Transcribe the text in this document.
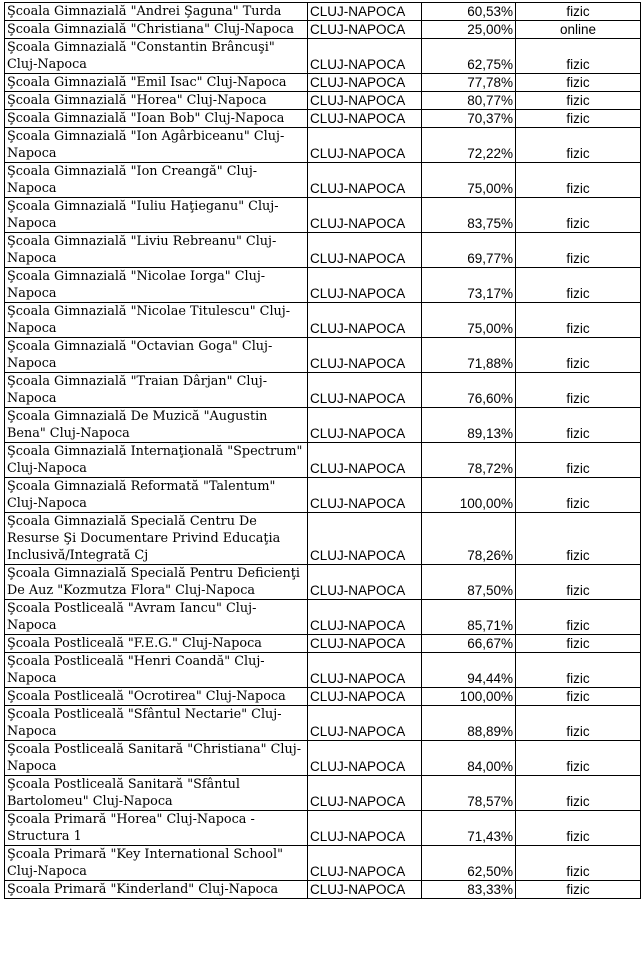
Şcoala Gimnazială "Andrei Şaguna" Turda	CLUJ-NAPOCA	60,53%	fizic
Şcoala Gimnazială "Christiana" Cluj-Napoca	CLUJ-NAPOCA	25,00%	online
Şcoala Gimnazială "Constantin Brâncuşi" Cluj-Napoca	CLUJ-NAPOCA	62,75%	fizic
Şcoala Gimnazială "Emil Isac" Cluj-Napoca	CLUJ-NAPOCA	77,78%	fizic
Şcoala Gimnazială "Horea" Cluj-Napoca	CLUJ-NAPOCA	80,77%	fizic
Şcoala Gimnazială "Ioan Bob" Cluj-Napoca	CLUJ-NAPOCA	70,37%	fizic
Şcoala Gimnazială "Ion Agârbiceanu" Cluj-Napoca	CLUJ-NAPOCA	72,22%	fizic
Şcoala Gimnazială "Ion Creangă" Cluj-Napoca	CLUJ-NAPOCA	75,00%	fizic
Şcoala Gimnazială "Iuliu Haţieganu" Cluj-Napoca	CLUJ-NAPOCA	83,75%	fizic
Şcoala Gimnazială "Liviu Rebreanu" Cluj-Napoca	CLUJ-NAPOCA	69,77%	fizic
Şcoala Gimnazială "Nicolae Iorga" Cluj-Napoca	CLUJ-NAPOCA	73,17%	fizic
Şcoala Gimnazială "Nicolae Titulescu" Cluj-Napoca	CLUJ-NAPOCA	75,00%	fizic
Şcoala Gimnazială "Octavian Goga" Cluj-Napoca	CLUJ-NAPOCA	71,88%	fizic
Şcoala Gimnazială "Traian Dârjan" Cluj-Napoca	CLUJ-NAPOCA	76,60%	fizic
Şcoala Gimnazială De Muzică "Augustin Bena" Cluj-Napoca	CLUJ-NAPOCA	89,13%	fizic
Şcoala Gimnazială Internaţională "Spectrum" Cluj-Napoca	CLUJ-NAPOCA	78,72%	fizic
Şcoala Gimnazială Reformată "Talentum" Cluj-Napoca	CLUJ-NAPOCA	100,00%	fizic
Şcoala Gimnazială Specială Centru De Resurse Şi Documentare Privind Educaţia Inclusivă/Integrată Cj	CLUJ-NAPOCA	78,26%	fizic
Şcoala Gimnazială Specială Pentru Deficienţi De Auz "Kozmutza Flora" Cluj-Napoca	CLUJ-NAPOCA	87,50%	fizic
Şcoala Postliceală "Avram Iancu" Cluj-Napoca	CLUJ-NAPOCA	85,71%	fizic
Şcoala Postliceală "F.E.G." Cluj-Napoca	CLUJ-NAPOCA	66,67%	fizic
Şcoala Postliceală "Henri Coandă" Cluj-Napoca	CLUJ-NAPOCA	94,44%	fizic
Şcoala Postliceală "Ocrotirea" Cluj-Napoca	CLUJ-NAPOCA	100,00%	fizic
Şcoala Postliceală "Sfântul Nectarie" Cluj-Napoca	CLUJ-NAPOCA	88,89%	fizic
Şcoala Postliceală Sanitară "Christiana" Cluj-Napoca	CLUJ-NAPOCA	84,00%	fizic
Şcoala Postliceală Sanitară "Sfântul Bartolomeu" Cluj-Napoca	CLUJ-NAPOCA	78,57%	fizic
Şcoala Primară "Horea" Cluj-Napoca - Structura 1	CLUJ-NAPOCA	71,43%	fizic
Şcoala Primară "Key International School" Cluj-Napoca	CLUJ-NAPOCA	62,50%	fizic
Şcoala Primară "Kinderland" Cluj-Napoca	CLUJ-NAPOCA	83,33%	fizic
